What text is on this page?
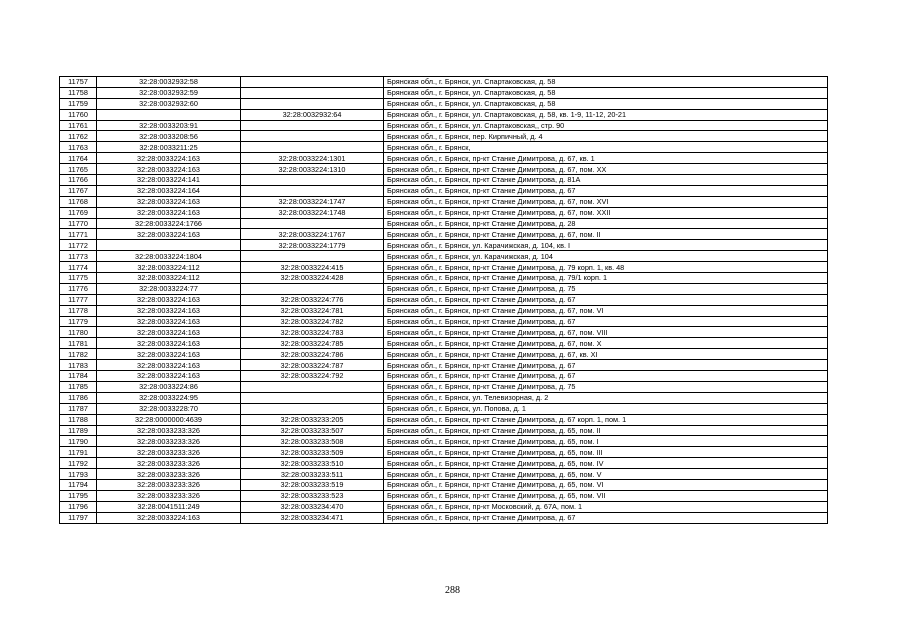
11757	32:28:0032932:58		Брянская обл., г. Брянск, ул. Спартаковская, д. 58
11758	32:28:0032932:59		Брянская обл., г. Брянск, ул. Спартаковская, д. 58
11759	32:28:0032932:60		Брянская обл., г. Брянск, ул. Спартаковская, д. 58
11760		32:28:0032932:64	Брянская обл., г. Брянск, ул. Спартаковская, д. 58, кв. 1-9, 11-12, 20-21
11761	32:28:0033203:91		Брянская обл., г. Брянск, ул. Спартаковская,, стр. 90
11762	32:28:0033208:56		Брянская обл., г. Брянск, пер. Кирпичный, д. 4
11763	32:28:0033211:25		Брянская обл., г. Брянск,
11764	32:28:0033224:163	32:28:0033224:1301	Брянская обл., г. Брянск, пр-кт Станке Димитрова, д. 67, кв. 1
11765	32:28:0033224:163	32:28:0033224:1310	Брянская обл., г. Брянск, пр-кт Станке Димитрова, д. 67, пом. XX
11766	32:28:0033224:141		Брянская обл., г. Брянск, пр-кт Станке Димитрова, д. 81А
11767	32:28:0033224:164		Брянская обл., г. Брянск, пр-кт Станке Димитрова, д. 67
11768	32:28:0033224:163	32:28:0033224:1747	Брянская обл., г. Брянск, пр-кт Станке Димитрова, д. 67, пом. XVI
11769	32:28:0033224:163	32:28:0033224:1748	Брянская обл., г. Брянск, пр-кт Станке Димитрова, д. 67, пом. XXII
11770	32:28:0033224:1766		Брянская обл., г. Брянск, пр-кт Станке Димитрова, д. 28
11771	32:28:0033224:163	32:28:0033224:1767	Брянская обл., г. Брянск, пр-кт Станке Димитрова, д. 67, пом. II
11772		32:28:0033224:1779	Брянская обл., г. Брянск, ул. Карачижская, д. 104, кв. I
11773	32:28:0033224:1804		Брянская обл., г. Брянск, ул. Карачижская, д. 104
11774	32:28:0033224:112	32:28:0033224:415	Брянская обл., г. Брянск, пр-кт Станке Димитрова, д. 79 корп. 1, кв. 48
11775	32:28:0033224:112	32:28:0033224:428	Брянская обл., г. Брянск, пр-кт Станке Димитрова, д. 79/1 корп. 1
11776	32:28:0033224:77		Брянская обл., г. Брянск, пр-кт Станке Димитрова, д. 75
11777	32:28:0033224:163	32:28:0033224:776	Брянская обл., г. Брянск, пр-кт Станке Димитрова, д. 67
11778	32:28:0033224:163	32:28:0033224:781	Брянская обл., г. Брянск, пр-кт Станке Димитрова, д. 67, пом. VI
11779	32:28:0033224:163	32:28:0033224:782	Брянская обл., г. Брянск, пр-кт Станке Димитрова, д. 67
11780	32:28:0033224:163	32:28:0033224:783	Брянская обл., г. Брянск, пр-кт Станке Димитрова, д. 67, пом. VIII
11781	32:28:0033224:163	32:28:0033224:785	Брянская обл., г. Брянск, пр-кт Станке Димитрова, д. 67, пом. X
11782	32:28:0033224:163	32:28:0033224:786	Брянская обл., г. Брянск, пр-кт Станке Димитрова, д. 67, кв. XI
11783	32:28:0033224:163	32:28:0033224:787	Брянская обл., г. Брянск, пр-кт Станке Димитрова, д. 67
11784	32:28:0033224:163	32:28:0033224:792	Брянская обл., г. Брянск, пр-кт Станке Димитрова, д. 67
11785	32:28:0033224:86		Брянская обл., г. Брянск, пр-кт Станке Димитрова, д. 75
11786	32:28:0033224:95		Брянская обл., г. Брянск, ул. Телевизорная, д. 2
11787	32:28:0033228:70		Брянская обл., г. Брянск, ул. Попова, д. 1
11788	32:28:0000000:4639	32:28:0033233:205	Брянская обл., г. Брянск, пр-кт Станке Димитрова, д. 67 корп. 1, пом. 1
11789	32:28:0033233:326	32:28:0033233:507	Брянская обл., г. Брянск, пр-кт Станке Димитрова, д. 65, пом. II
11790	32:28:0033233:326	32:28:0033233:508	Брянская обл., г. Брянск, пр-кт Станке Димитрова, д. 65, пом. I
11791	32:28:0033233:326	32:28:0033233:509	Брянская обл., г. Брянск, пр-кт Станке Димитрова, д. 65, пом. III
11792	32:28:0033233:326	32:28:0033233:510	Брянская обл., г. Брянск, пр-кт Станке Димитрова, д. 65, пом. IV
11793	32:28:0033233:326	32:28:0033233:511	Брянская обл., г. Брянск, пр-кт Станке Димитрова, д. 65, пом. V
11794	32:28:0033233:326	32:28:0033233:519	Брянская обл., г. Брянск, пр-кт Станке Димитрова, д. 65, пом. VI
11795	32:28:0033233:326	32:28:0033233:523	Брянская обл., г. Брянск, пр-кт Станке Димитрова, д. 65, пом. VII
11796	32:28:0041511:249	32:28:0033234:470	Брянская обл., г. Брянск, пр-кт Московский, д. 67А, пом. 1
11797	32:28:0033224:163	32:28:0033234:471	Брянская обл., г. Брянск, пр-кт Станке Димитрова, д. 67
288
